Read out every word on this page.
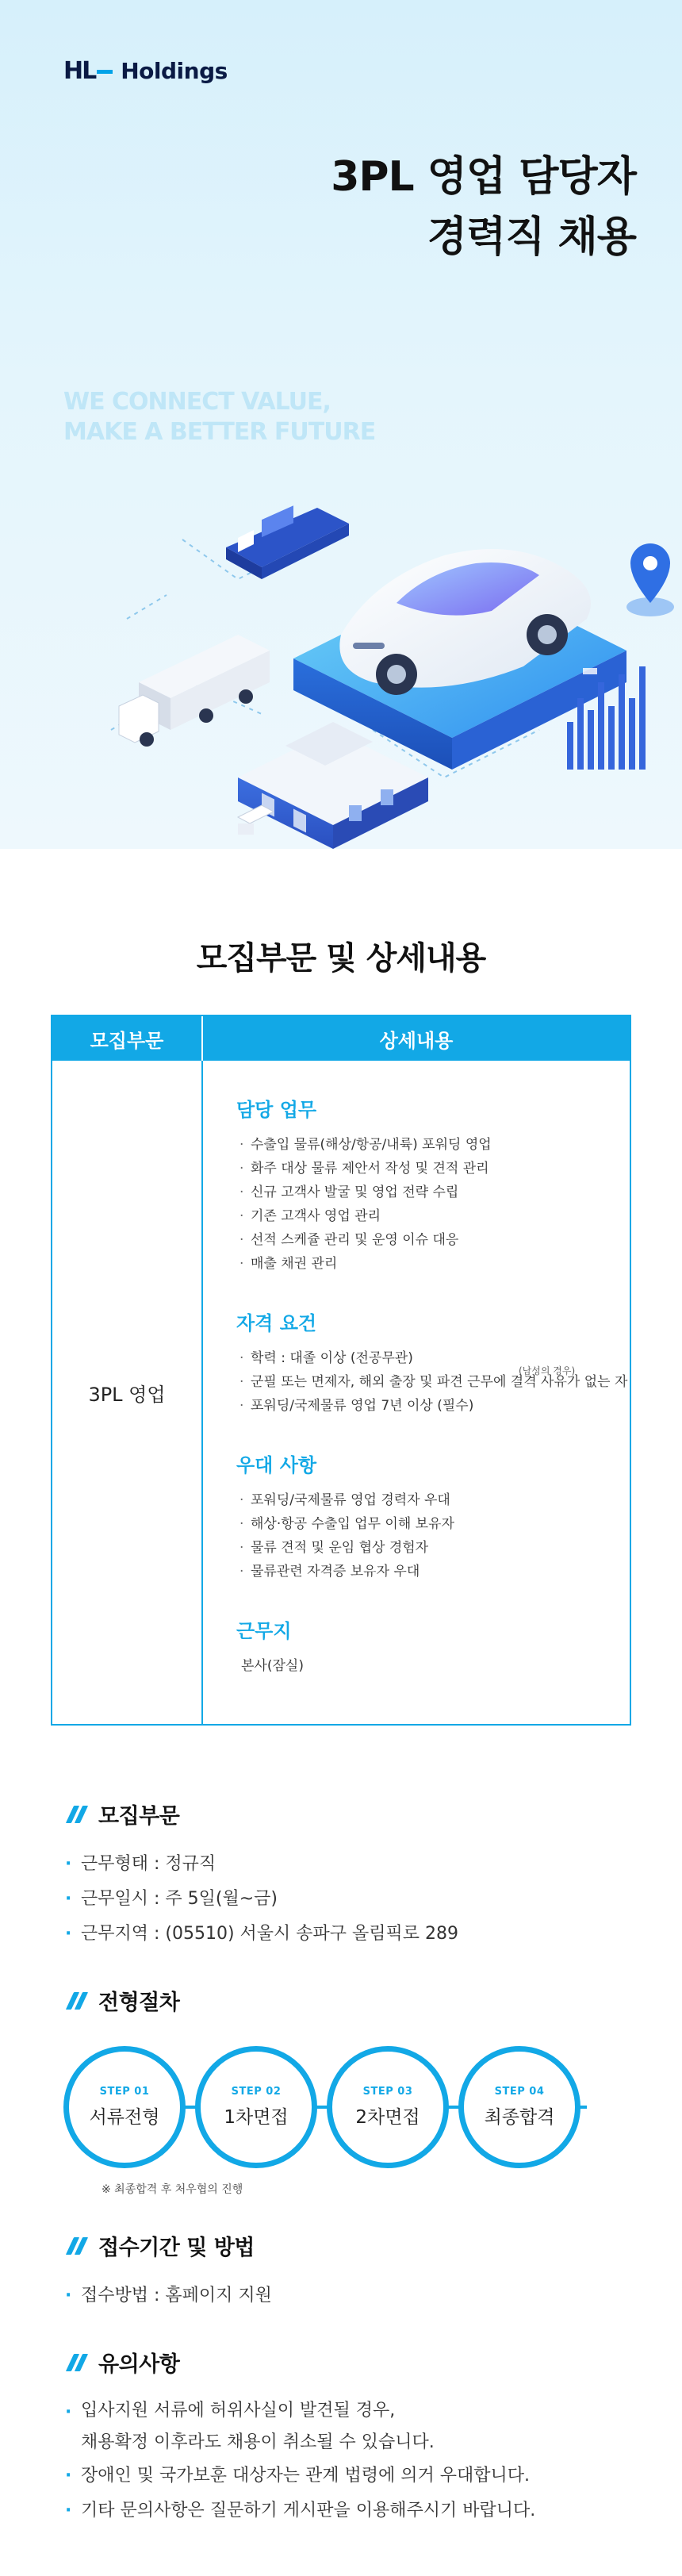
HL	Holdings
3PL 영업 담당자
경력직 채용
WE CONNECT VALUE,
MAKE A BETTER FUTURE
모집부문 및 상세내용
모집부문	상세내용
3PL 영업
담당 업무
· 수출입 물류(해상/항공/내륙) 포워딩 영업
· 화주 대상 물류 제안서 작성 및 견적 관리
· 신규 고객사 발굴 및 영업 전략 수립
· 기존 고객사 영업 관리
· 선적 스케쥴 관리 및 운영 이슈 대응
· 매출 채권 관리
자격 요건
· 학력 : 대졸 이상 (전공무관)
· 군필 또는 면제자, 해외 출장 및 파견 근무에 결격 사유가 없는 자
(남성의 경우)
· 포워딩/국제물류 영업 7년 이상 (필수)
우대 사항
· 포워딩/국제물류 영업 경력자 우대
· 해상·항공 수출입 업무 이해 보유자
· 물류 견적 및 운임 협상 경험자
· 물류관련 자격증 보유자 우대
근무지
본사(잠실)
모집부문
· 근무형태 : 정규직
· 근무일시 : 주 5일(월~금)
· 근무지역 : (05510) 서울시 송파구 올림픽로 289
전형절차
STEP 01
서류전형
STEP 02
1차면접
STEP 03
2차면접
STEP 04
최종합격
※ 최종합격 후 처우협의 진행
접수기간 및 방법
· 접수방법 : 홈페이지 지원
유의사항
· 입사지원 서류에 허위사실이 발견될 경우,
채용확정 이후라도 채용이 취소될 수 있습니다.
· 장애인 및 국가보훈 대상자는 관계 법령에 의거 우대합니다.
· 기타 문의사항은 질문하기 게시판을 이용해주시기 바랍니다.
